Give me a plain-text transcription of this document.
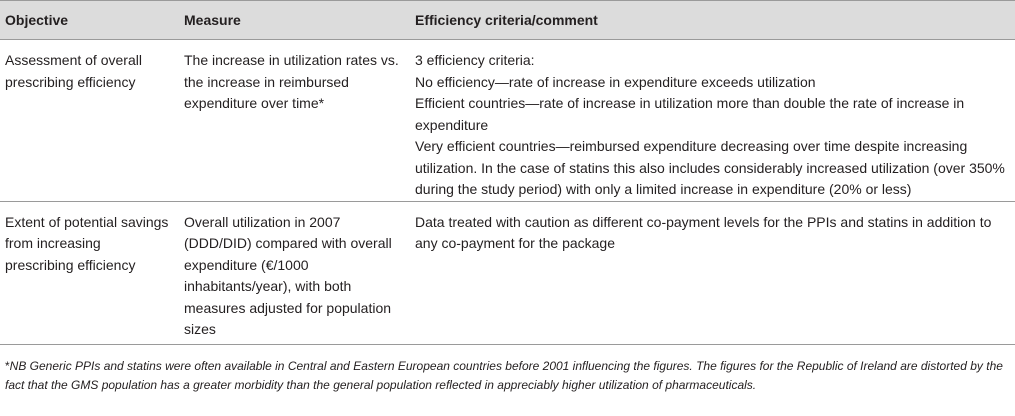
Objective	Measure	Efficiency criteria/comment
Assessment of overall prescribing efficiency	The increase in utilization rates vs. the increase in reimbursed expenditure over time*	3 efficiency criteria:
No efficiency—rate of increase in expenditure exceeds utilization
Efficient countries—rate of increase in utilization more than double the rate of increase in expenditure
Very efficient countries—reimbursed expenditure decreasing over time despite increasing utilization. In the case of statins this also includes considerably increased utilization (over 350% during the study period) with only a limited increase in expenditure (20% or less)

Extent of potential savings from increasing prescribing efficiency	Overall utilization in 2007 (DDD/DID) compared with overall expenditure (€/1000 inhabitants/year), with both measures adjusted for population sizes	Data treated with caution as different co-payment levels for the PPIs and statins in addition to any co-payment for the package
*NB Generic PPIs and statins were often available in Central and Eastern European countries before 2001 influencing the figures. The figures for the Republic of Ireland are distorted by the fact that the GMS population has a greater morbidity than the general population reflected in appreciably higher utilization of pharmaceuticals.
